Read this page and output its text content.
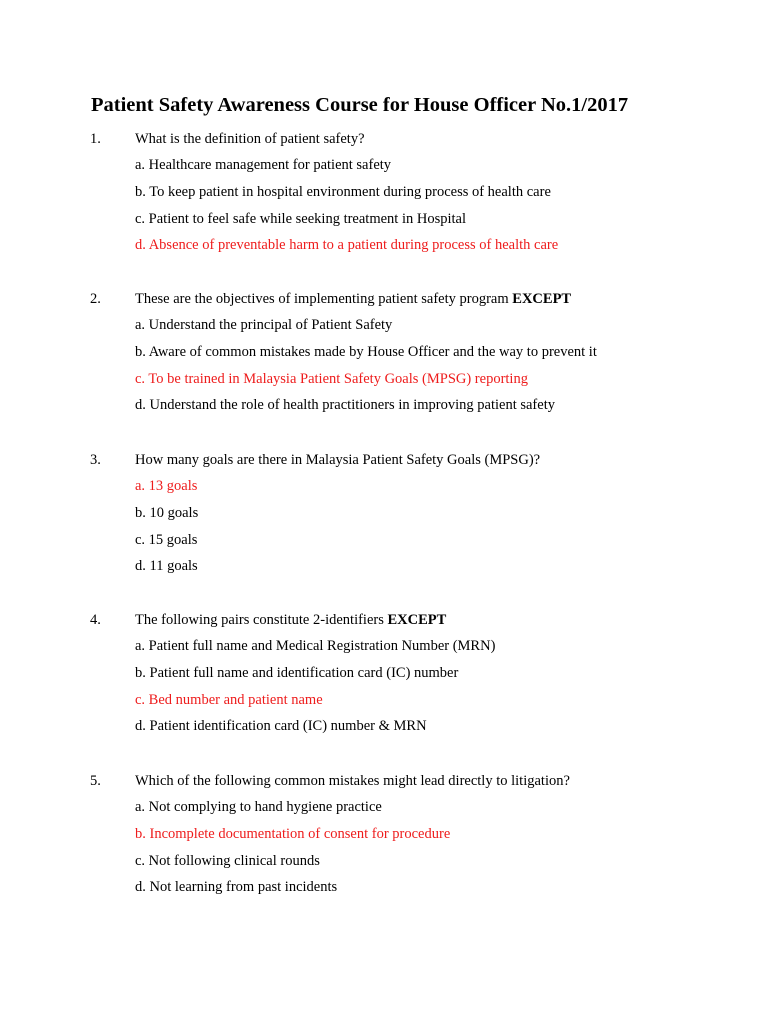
Patient Safety Awareness Course for House Officer No.1/2017
1. What is the definition of patient safety?
a. Healthcare management for patient safety
b. To keep patient in hospital environment during process of health care
c. Patient to feel safe while seeking treatment in Hospital
d. Absence of preventable harm to a patient during process of health care
2. These are the objectives of implementing patient safety program EXCEPT
a. Understand the principal of Patient Safety
b. Aware of common mistakes made by House Officer and the way to prevent it
c. To be trained in Malaysia Patient Safety Goals (MPSG) reporting
d. Understand the role of health practitioners in improving patient safety
3. How many goals are there in Malaysia Patient Safety Goals (MPSG)?
a. 13 goals
b. 10 goals
c. 15 goals
d. 11 goals
4. The following pairs constitute 2-identifiers EXCEPT
a. Patient full name and Medical Registration Number (MRN)
b. Patient full name and identification card (IC) number
c. Bed number and patient name
d. Patient identification card (IC) number & MRN
5. Which of the following common mistakes might lead directly to litigation?
a. Not complying to hand hygiene practice
b. Incomplete documentation of consent for procedure
c. Not following clinical rounds
d. Not learning from past incidents
